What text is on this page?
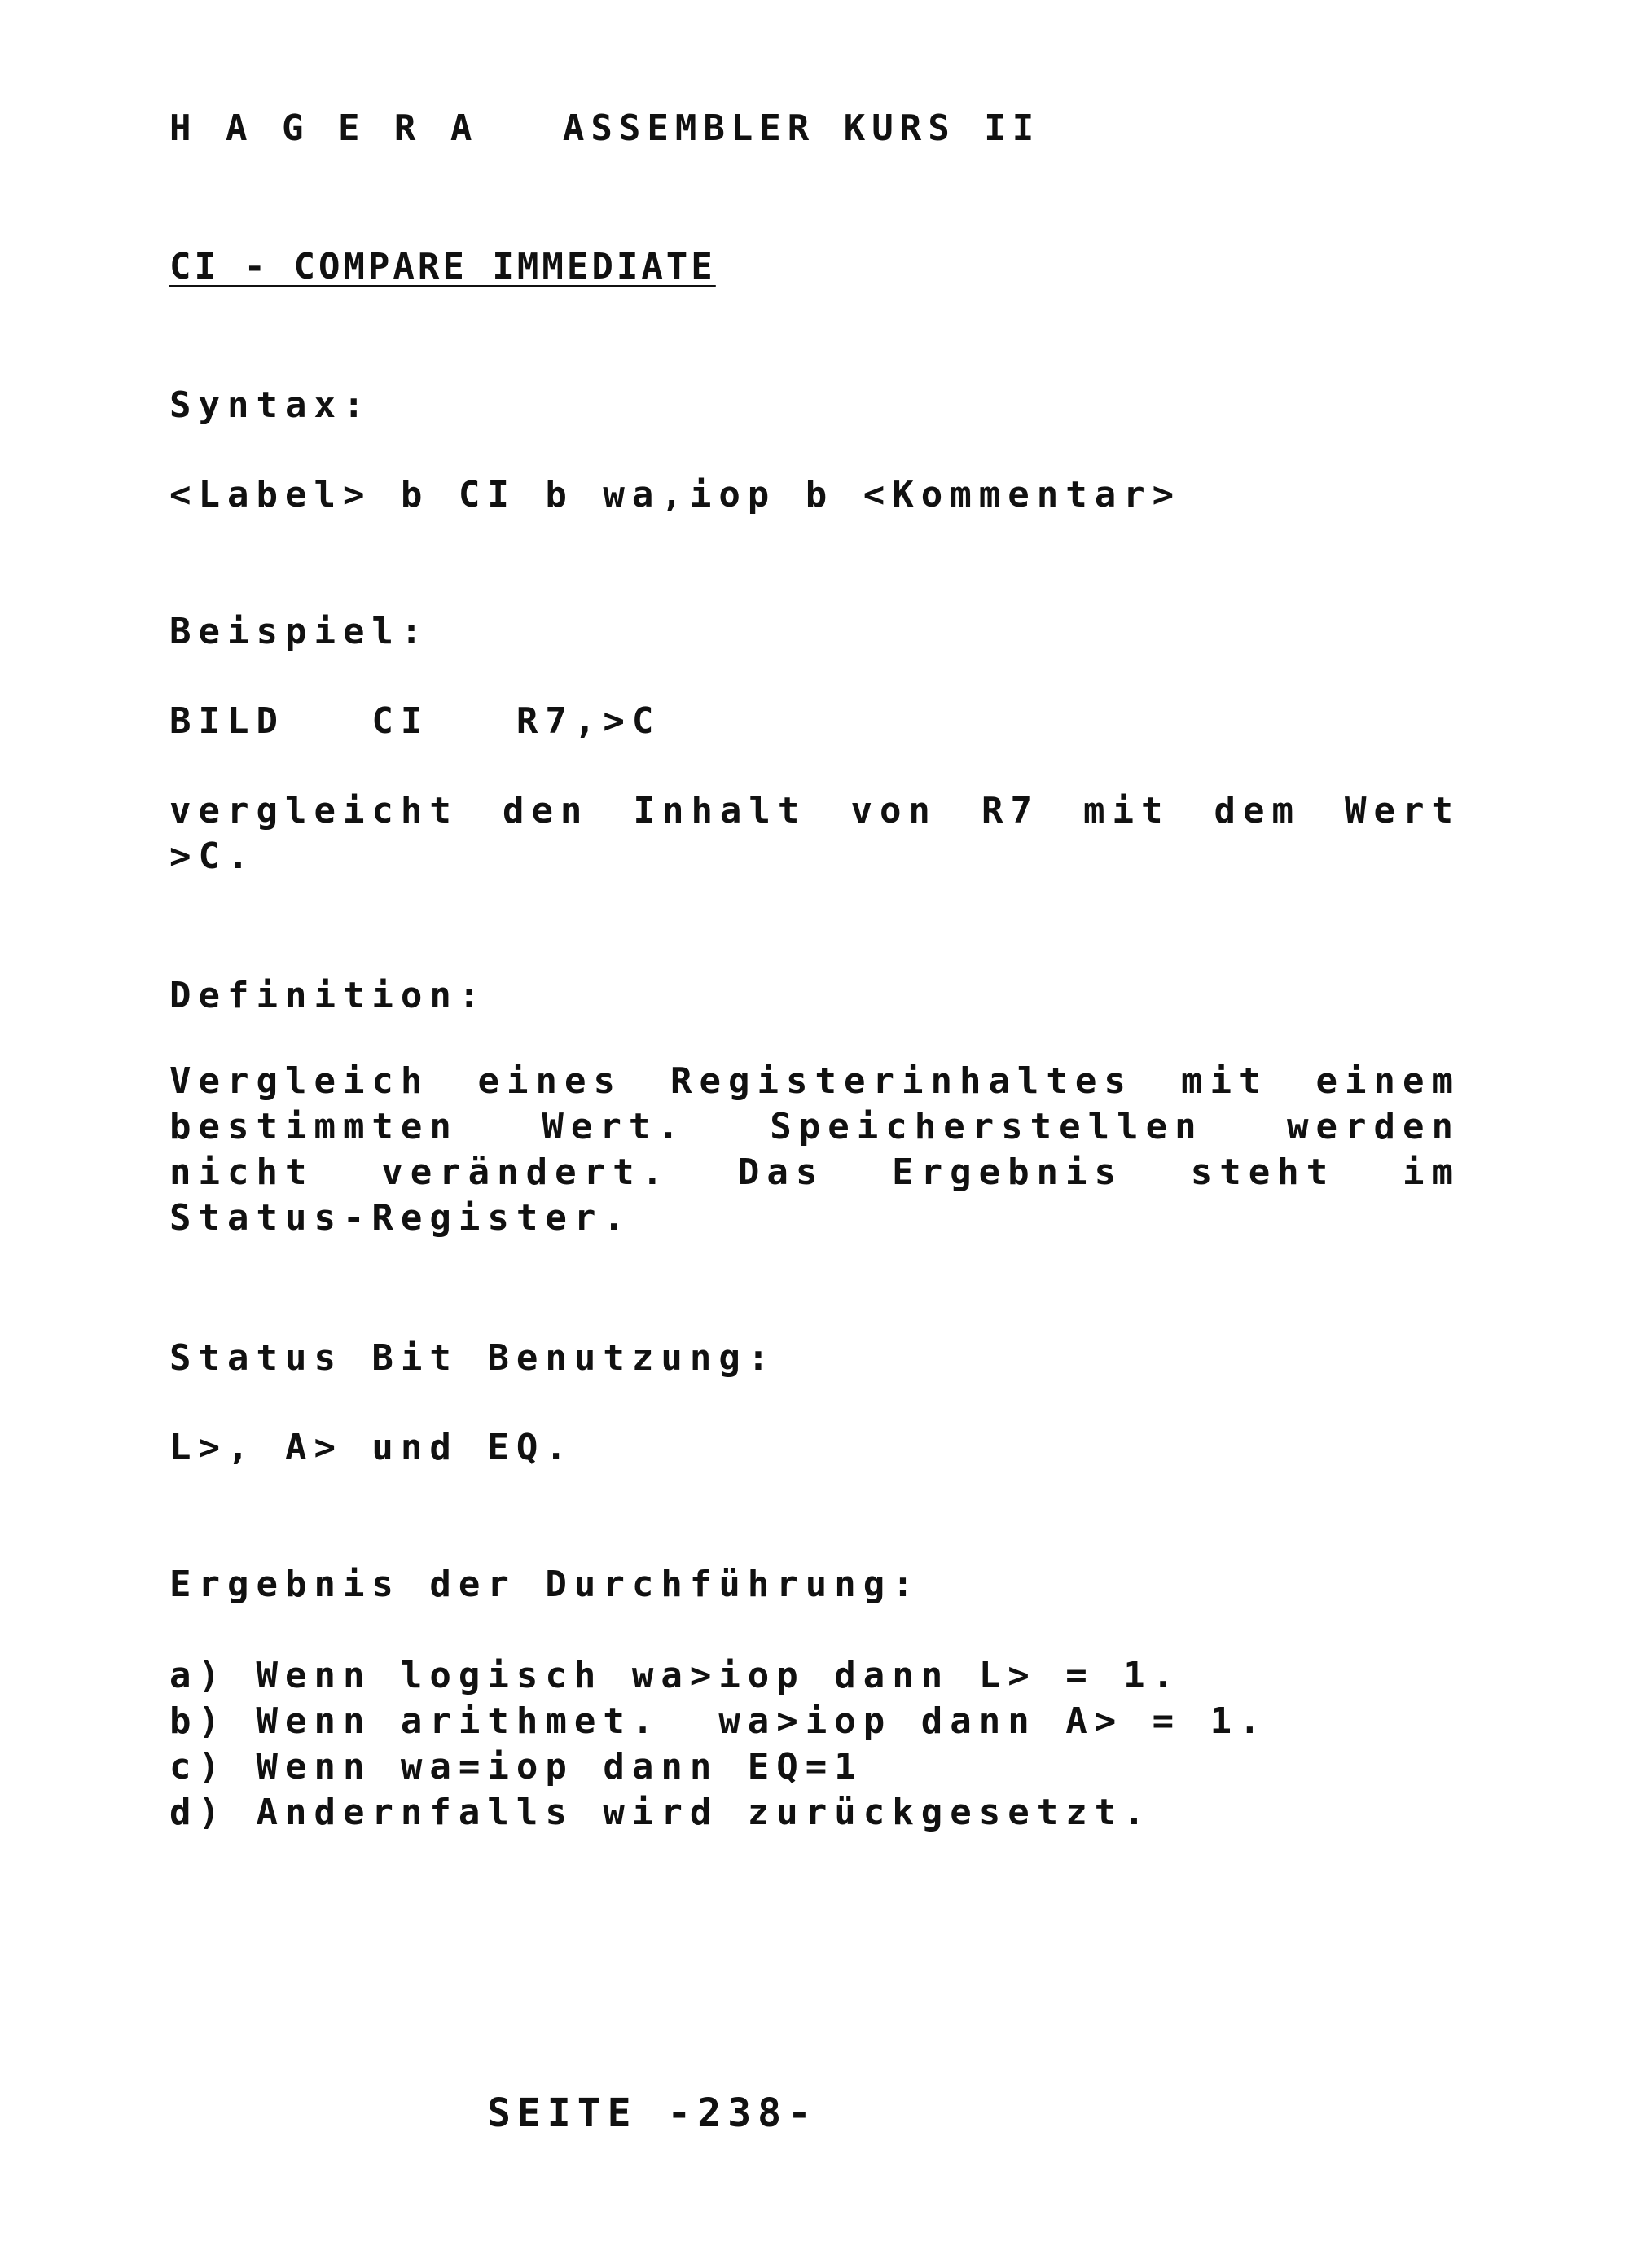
H A G E R A   ASSEMBLER KURS II
CI - COMPARE IMMEDIATE
Syntax:
<Label> b CI b wa,iop b <Kommentar>
Beispiel:
BILD   CI   R7,>C
vergleicht den Inhalt von R7 mit dem Wert >C.
Definition:
Vergleich eines Registerinhaltes mit einem bestimmten Wert. Speicherstellen werden nicht verändert. Das Ergebnis steht im Status-Register.
Status Bit Benutzung:
L>, A> und EQ.
Ergebnis der Durchführung:
a) Wenn logisch wa>iop dann L> = 1.
b) Wenn arithmet.  wa>iop dann A> = 1.
c) Wenn wa=iop dann EQ=1
d) Andernfalls wird zurückgesetzt.
SEITE -238-
